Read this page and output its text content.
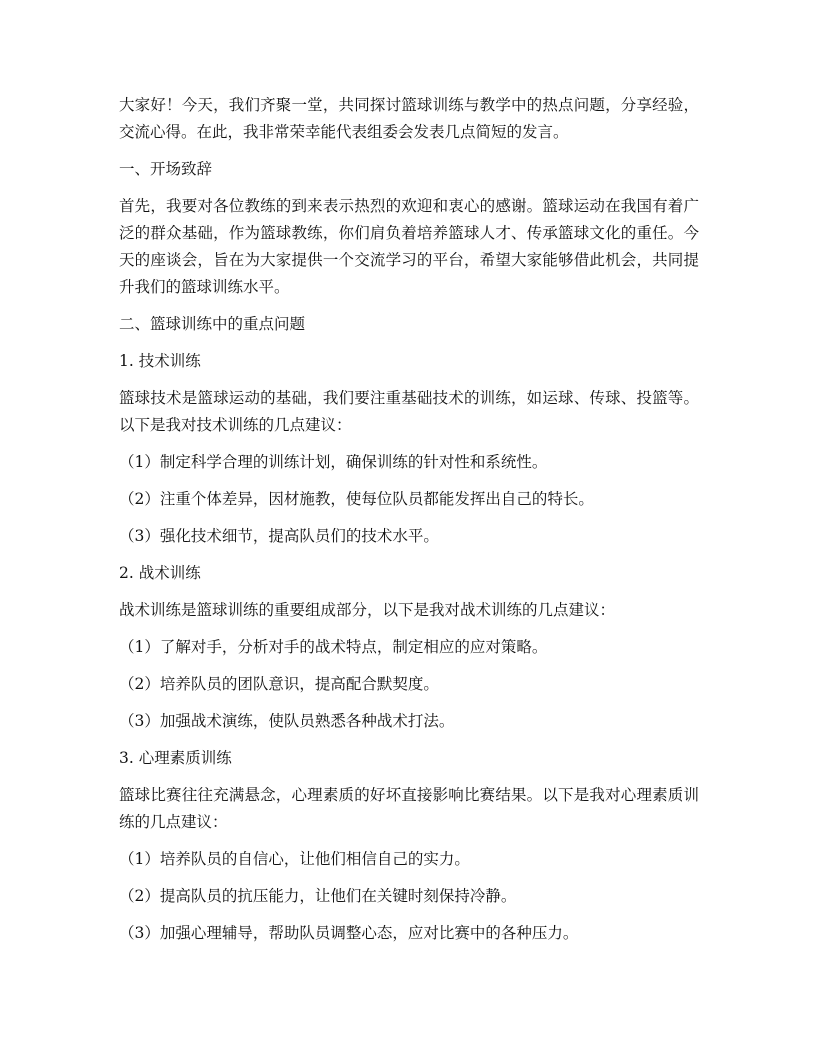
大家好！今天，我们齐聚一堂，共同探讨篮球训练与教学中的热点问题，分享经验，交流心得。在此，我非常荣幸能代表组委会发表几点简短的发言。

一、开场致辞

首先，我要对各位教练的到来表示热烈的欢迎和衷心的感谢。篮球运动在我国有着广泛的群众基础，作为篮球教练，你们肩负着培养篮球人才、传承篮球文化的重任。今天的座谈会，旨在为大家提供一个交流学习的平台，希望大家能够借此机会，共同提升我们的篮球训练水平。

二、篮球训练中的重点问题

1. 技术训练

篮球技术是篮球运动的基础，我们要注重基础技术的训练，如运球、传球、投篮等。以下是我对技术训练的几点建议：

（1）制定科学合理的训练计划，确保训练的针对性和系统性。

（2）注重个体差异，因材施教，使每位队员都能发挥出自己的特长。

（3）强化技术细节，提高队员们的技术水平。

2. 战术训练

战术训练是篮球训练的重要组成部分，以下是我对战术训练的几点建议：

（1）了解对手，分析对手的战术特点，制定相应的应对策略。

（2）培养队员的团队意识，提高配合默契度。

（3）加强战术演练，使队员熟悉各种战术打法。

3. 心理素质训练

篮球比赛往往充满悬念，心理素质的好坏直接影响比赛结果。以下是我对心理素质训练的几点建议：

（1）培养队员的自信心，让他们相信自己的实力。

（2）提高队员的抗压能力，让他们在关键时刻保持冷静。

（3）加强心理辅导，帮助队员调整心态，应对比赛中的各种压力。
